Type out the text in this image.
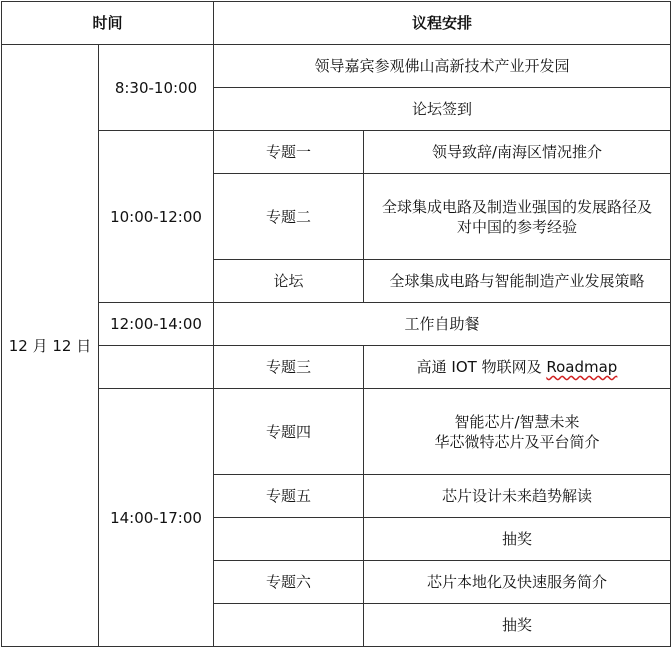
时间		议程安排	
12 月 12 日	8:30-10:00	领导嘉宾参观佛山高新技术产业开发园	
		论坛签到	
	10:00-12:00	专题一	领导致辞/南海区情况推介
		专题二	全球集成电路及制造业强国的发展路径及
对中国的参考经验
		论坛	全球集成电路与智能制造产业发展策略
	12:00-14:00	工作自助餐	
		专题三	高通 IOT 物联网及 Roadmap
	14:00-17:00	专题四	智能芯片/智慧未来
华芯微特芯片及平台简介
		专题五	芯片设计未来趋势解读
			抽奖
		专题六	芯片本地化及快速服务简介
			抽奖
